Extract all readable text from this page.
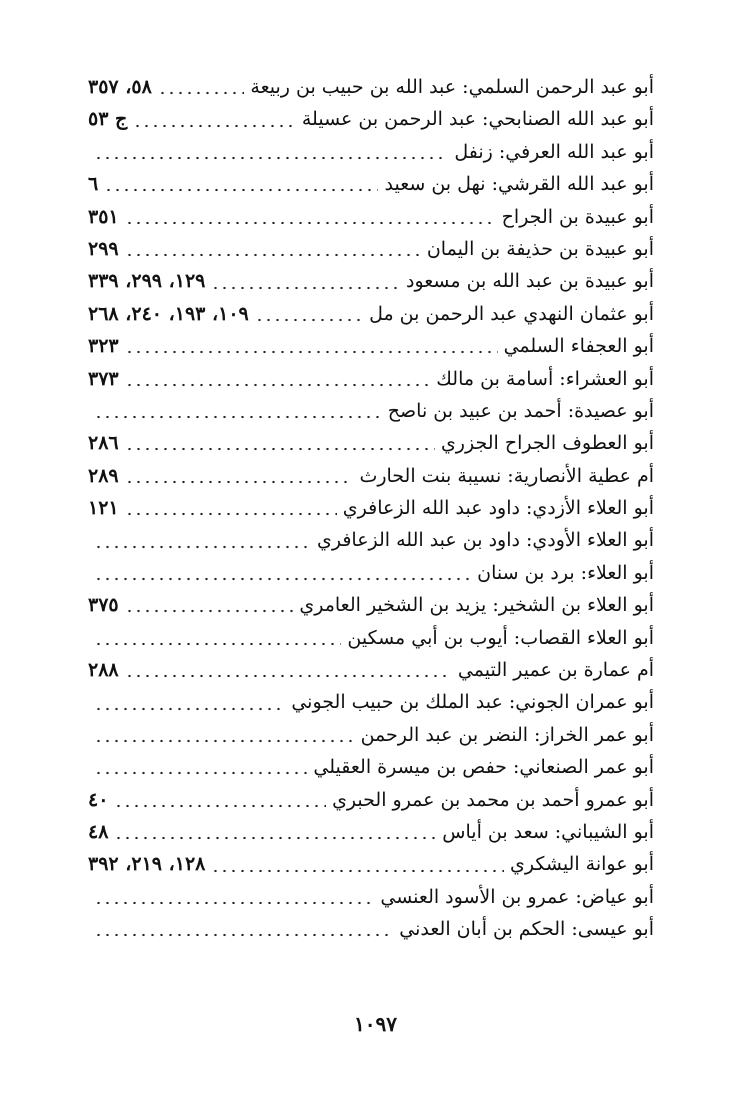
أبو عبد الرحمن السلمي: عبد الله بن حبيب بن ربيعة
٥٨، ٣٥٧
أبو عبد الله الصنابحي: عبد الرحمن بن عسيلة
ج ٥٣
أبو عبد الله العرفي: زنفل
أبو عبد الله القرشي: نهل بن سعيد
٦
أبو عبيدة بن الجراح
٣٥١
أبو عبيدة بن حذيفة بن اليمان
٢٩٩
أبو عبيدة بن عبد الله بن مسعود
١٢٩، ٢٩٩، ٣٣٩
أبو عثمان النهدي عبد الرحمن بن مل
١٠٩، ١٩٣، ٢٤٠، ٢٦٨
أبو العجفاء السلمي
٣٢٣
أبو العشراء: أسامة بن مالك
٣٧٣
أبو عصيدة: أحمد بن عبيد بن ناصح
أبو العطوف الجراح الجزري
٢٨٦
أم عطية الأنصارية: نسيبة بنت الحارث
٢٨٩
أبو العلاء الأزدي: داود عبد الله الزعافري
١٢١
أبو العلاء الأودي: داود بن عبد الله الزعافري
أبو العلاء: برد بن سنان
أبو العلاء بن الشخير: يزيد بن الشخير العامري
٣٧٥
أبو العلاء القصاب: أيوب بن أبي مسكين
أم عمارة بن عمير التيمي
٢٨٨
أبو عمران الجوني: عبد الملك بن حبيب الجوني
أبو عمر الخراز: النضر بن عبد الرحمن
أبو عمر الصنعاني: حفص بن ميسرة العقيلي
أبو عمرو أحمد بن محمد بن عمرو الحبري
٤٠
أبو الشيباني: سعد بن أياس
٤٨
أبو عوانة اليشكري
١٢٨، ٢١٩، ٣٩٢
أبو عياض: عمرو بن الأسود العنسي
أبو عيسى: الحكم بن أبان العدني
١٠٩٧
